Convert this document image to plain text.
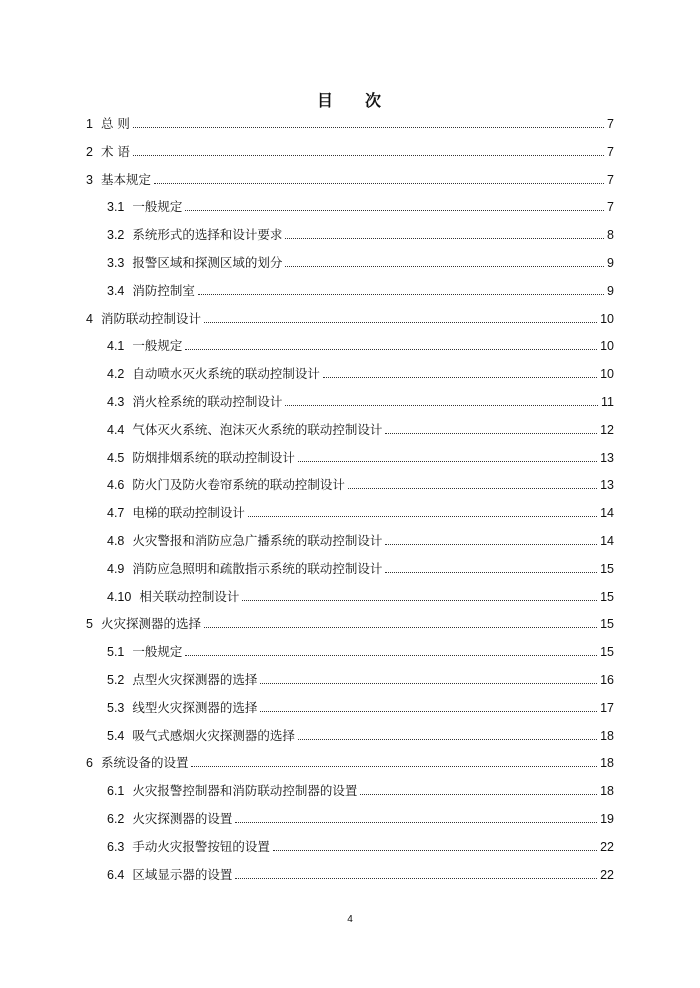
目 次
1 总 则	7
2 术 语	7
3 基本规定	7
3.1 一般规定	7
3.2 系统形式的选择和设计要求	8
3.3 报警区域和探测区域的划分	9
3.4 消防控制室	9
4 消防联动控制设计	10
4.1 一般规定	10
4.2 自动喷水灭火系统的联动控制设计	10
4.3 消火栓系统的联动控制设计	11
4.4 气体灭火系统、泡沫灭火系统的联动控制设计	12
4.5 防烟排烟系统的联动控制设计	13
4.6 防火门及防火卷帘系统的联动控制设计	13
4.7 电梯的联动控制设计	14
4.8 火灾警报和消防应急广播系统的联动控制设计	14
4.9 消防应急照明和疏散指示系统的联动控制设计	15
4.10 相关联动控制设计	15
5 火灾探测器的选择	15
5.1 一般规定	15
5.2 点型火灾探测器的选择	16
5.3 线型火灾探测器的选择	17
5.4 吸气式感烟火灾探测器的选择	18
6 系统设备的设置	18
6.1 火灾报警控制器和消防联动控制器的设置	18
6.2 火灾探测器的设置	19
6.3 手动火灾报警按钮的设置	22
6.4 区域显示器的设置	22
4
